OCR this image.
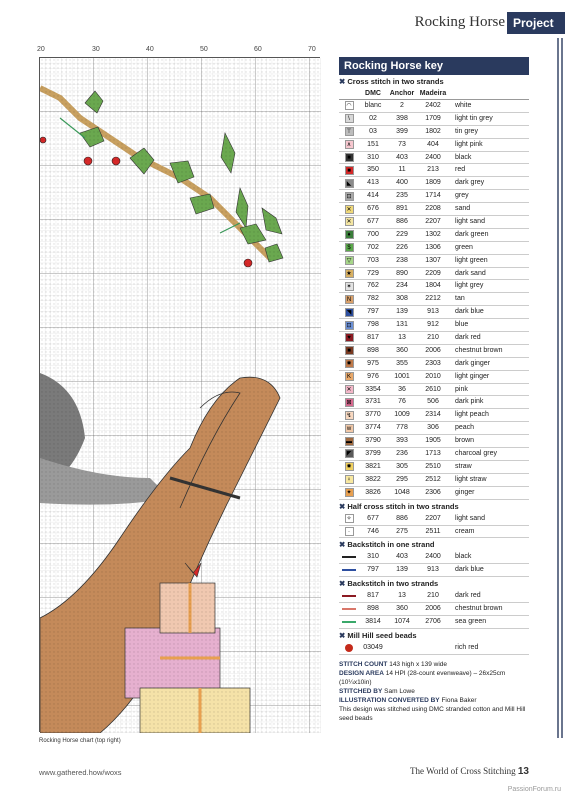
Rocking Horse Project
20	30	40	50	60	70
Rocking Horse chart (top right)
Rocking Horse key
✖ Cross stitch in two strands
DMC	Anchor Madeira
◠	blanc	2	2402	white
\	02	398	1709	light tin grey
⊤	03	399	1802	tin grey
∧	151	73	404	light pink
■	310	403	2400	black
■	350	11	213	red
◣	413	400	1809	dark grey
⊡	414	235	1714	grey
✕	676	891	2208	sand
✕	677	886	2207	light sand
♦	700	229	1302	dark green
$	702	226	1306	green
▽	703	238	1307	light green
★	729	890	2209	dark sand
✶	762	234	1804	light grey
N	782	308	2212	tan
◥	797	139	913	dark blue
⊡	798	131	912	blue
♥	817	13	210	dark red
■	898	360	2006	chestnut brown
✸	975	355	2303	dark ginger
K	976	1001	2010	light ginger
✕	3354	36	2610	pink
⊠	3731	76	506	dark pink
↯	3770	1009	2314	light peach
w	3774	778	306	peach
▬	3790	393	1905	brown
◤	3799	236	1713	charcoal grey
✸	3821	305	2510	straw
♀	3822	295	2512	light straw
✦	3826	1048	2306	ginger
✖ Half cross stitch in two strands
✧	677	886	2207	light sand
·	746	275	2511	cream
✖ Backstitch in one strand
310	403	2400	black
797	139	913	dark blue
✖ Backstitch in two strands
817	13	210	dark red
898	360	2006	chestnut brown
3814	1074	2706	sea green
✖ Mill Hill seed beads
03049	rich red
STITCH COUNT 143 high x 139 wide
DESIGN AREA 14 HPI (28-count evenweave) – 26x25cm (10¼x10in)
STITCHED BY Sam Lowe
ILLUSTRATION CONVERTED BY Fiona Baker
This design was stitched using DMC stranded cotton and Mill Hill seed beads
www.gathered.how/woxs	The World of Cross Stitching 13
PassionForum.ru
